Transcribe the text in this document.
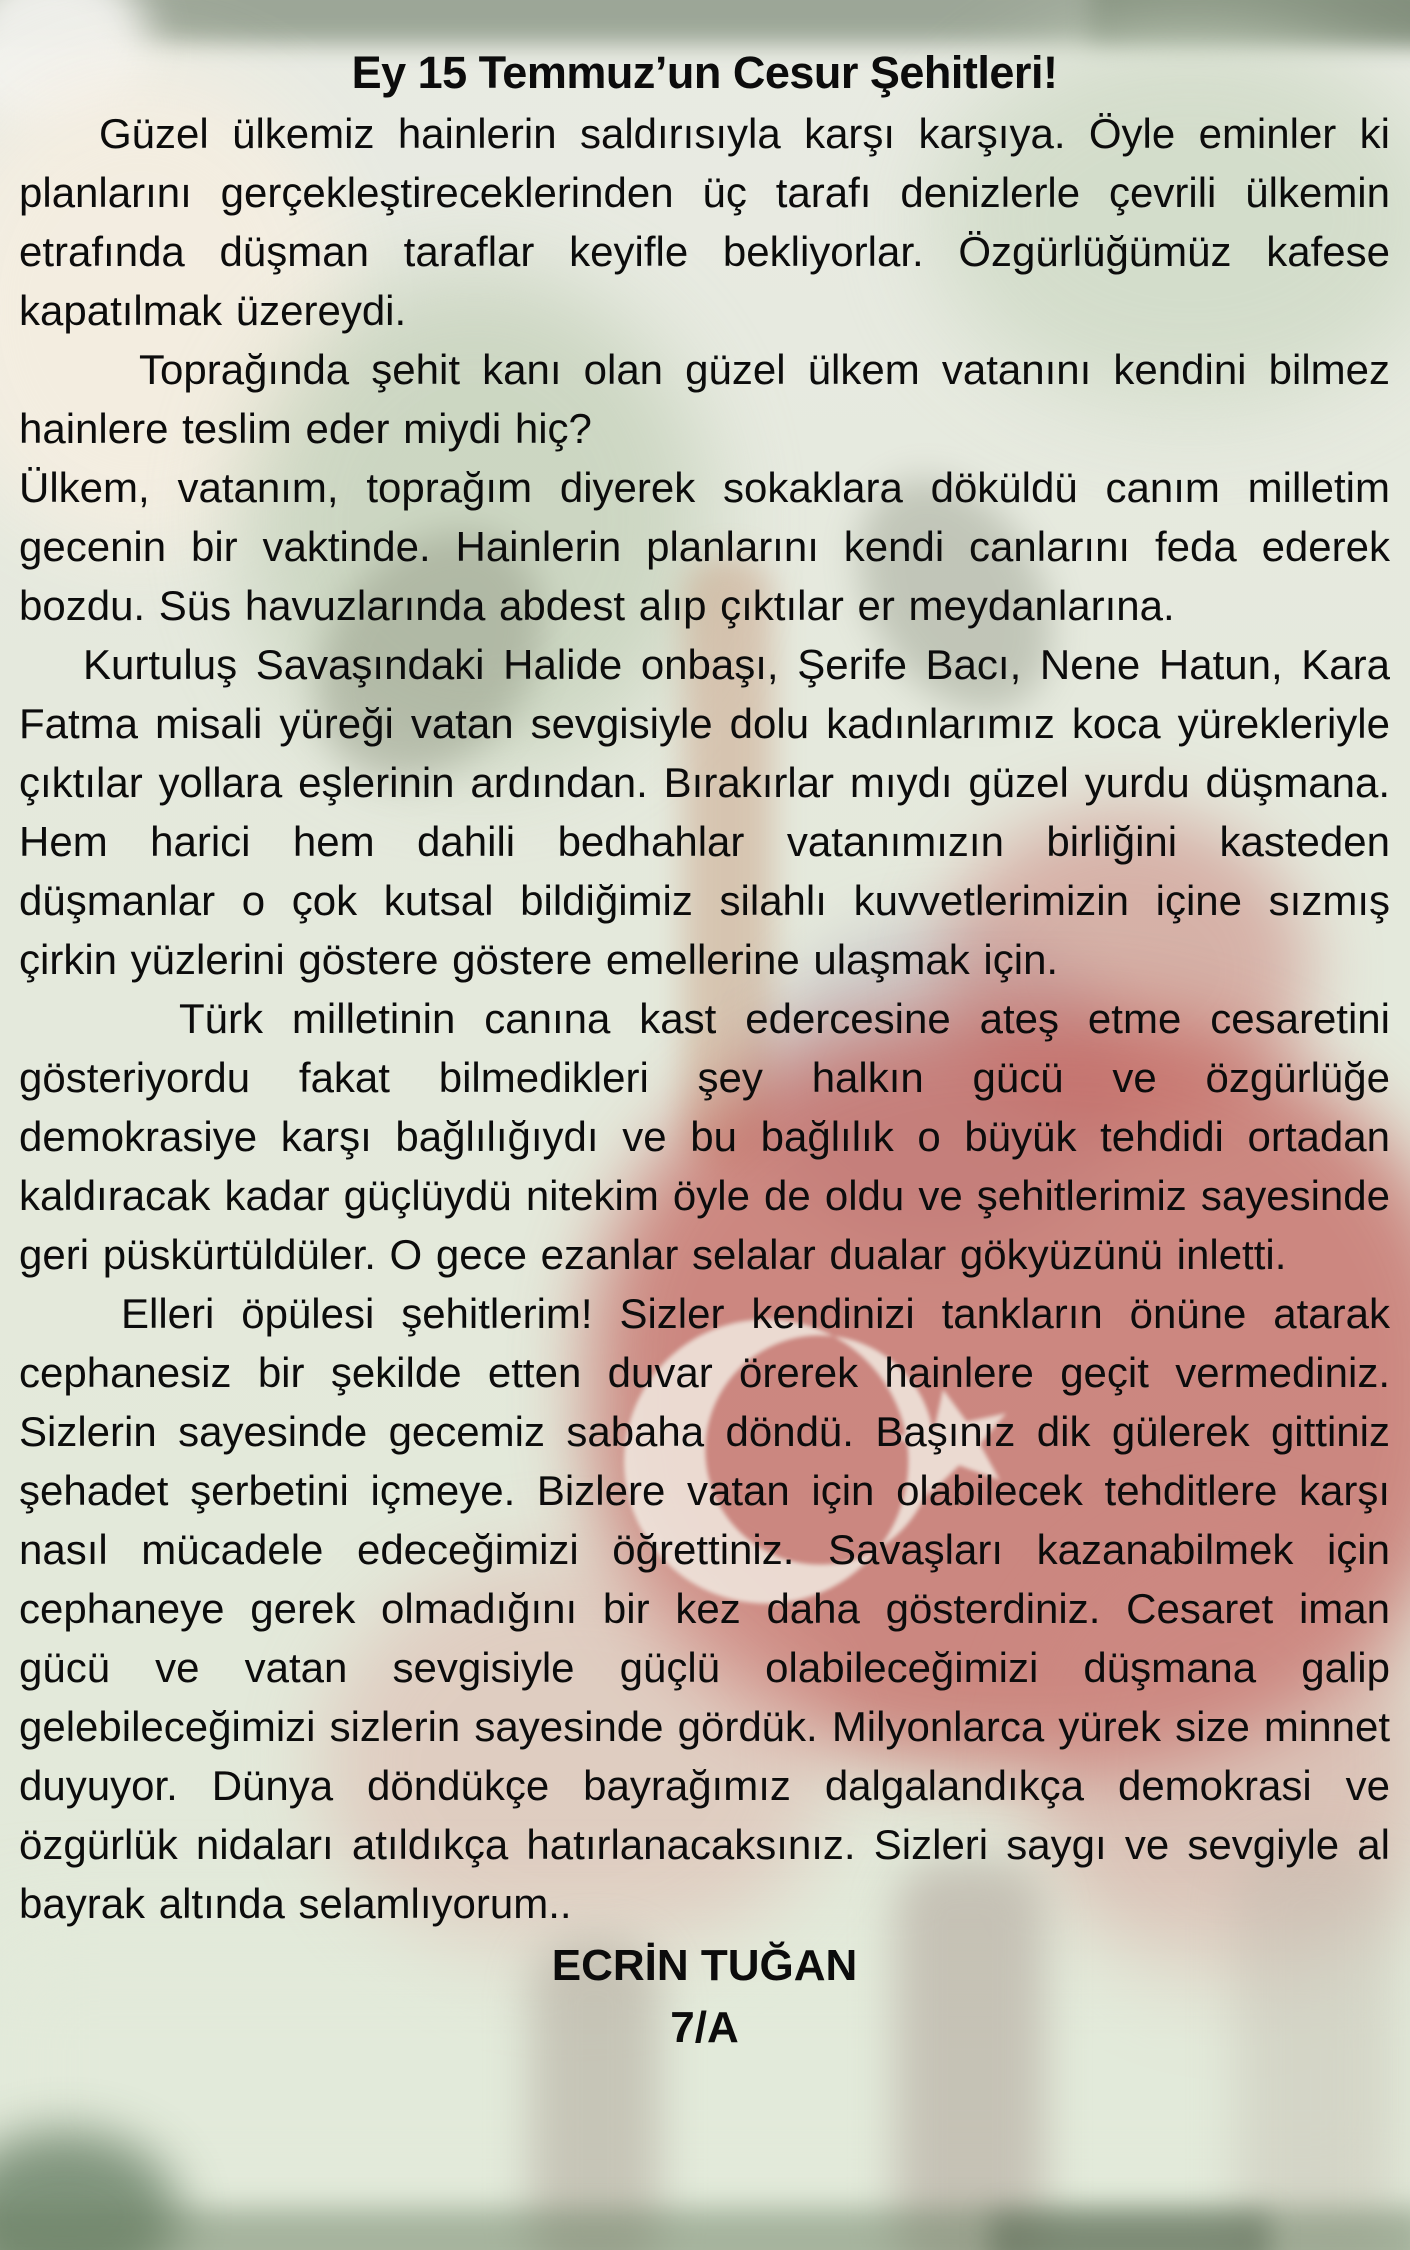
Ey 15 Temmuz’un Cesur Şehitleri!

Güzel ülkemiz hainlerin saldırısıyla karşı karşıya. Öyle eminler ki planlarını gerçekleştireceklerinden üç tarafı denizlerle çevrili ülkemin etrafında düşman taraflar keyifle bekliyorlar. Özgürlüğümüz kafese kapatılmak üzereydi.

Toprağında şehit kanı olan güzel ülkem vatanını kendini bilmez hainlere teslim eder miydi hiç?

Ülkem, vatanım, toprağım diyerek sokaklara döküldü canım milletim gecenin bir vaktinde. Hainlerin planlarını kendi canlarını feda ederek bozdu. Süs havuzlarında abdest alıp çıktılar er meydanlarına.

Kurtuluş Savaşındaki Halide onbaşı, Şerife Bacı, Nene Hatun, Kara Fatma misali yüreği vatan sevgisiyle dolu kadınlarımız koca yürekleriyle çıktılar yollara eşlerinin ardından. Bırakırlar mıydı güzel yurdu düşmana. Hem harici hem dahili bedhahlar vatanımızın birliğini kasteden düşmanlar o çok kutsal bildiğimiz silahlı kuvvetlerimizin içine sızmış çirkin yüzlerini göstere göstere emellerine ulaşmak için.

Türk milletinin canına kast edercesine ateş etme cesaretini gösteriyordu fakat bilmedikleri şey halkın gücü ve özgürlüğe demokrasiye karşı bağlılığıydı ve bu bağlılık o büyük tehdidi ortadan kaldıracak kadar güçlüydü nitekim öyle de oldu ve şehitlerimiz sayesinde geri püskürtüldüler. O gece ezanlar selalar dualar gökyüzünü inletti.

Elleri öpülesi şehitlerim! Sizler kendinizi tankların önüne atarak cephanesiz bir şekilde etten duvar örerek hainlere geçit vermediniz. Sizlerin sayesinde gecemiz sabaha döndü. Başınız dik gülerek gittiniz şehadet şerbetini içmeye. Bizlere vatan için olabilecek tehditlere karşı nasıl mücadele edeceğimizi öğrettiniz. Savaşları kazanabilmek için cephaneye gerek olmadığını bir kez daha gösterdiniz. Cesaret iman gücü ve vatan sevgisiyle güçlü olabileceğimizi düşmana galip gelebileceğimizi sizlerin sayesinde gördük. Milyonlarca yürek size minnet duyuyor. Dünya döndükçe bayrağımız dalgalandıkça demokrasi ve özgürlük nidaları atıldıkça hatırlanacaksınız. Sizleri saygı ve sevgiyle al bayrak altında selamlıyorum..

ECRİN TUĞAN
7/A
